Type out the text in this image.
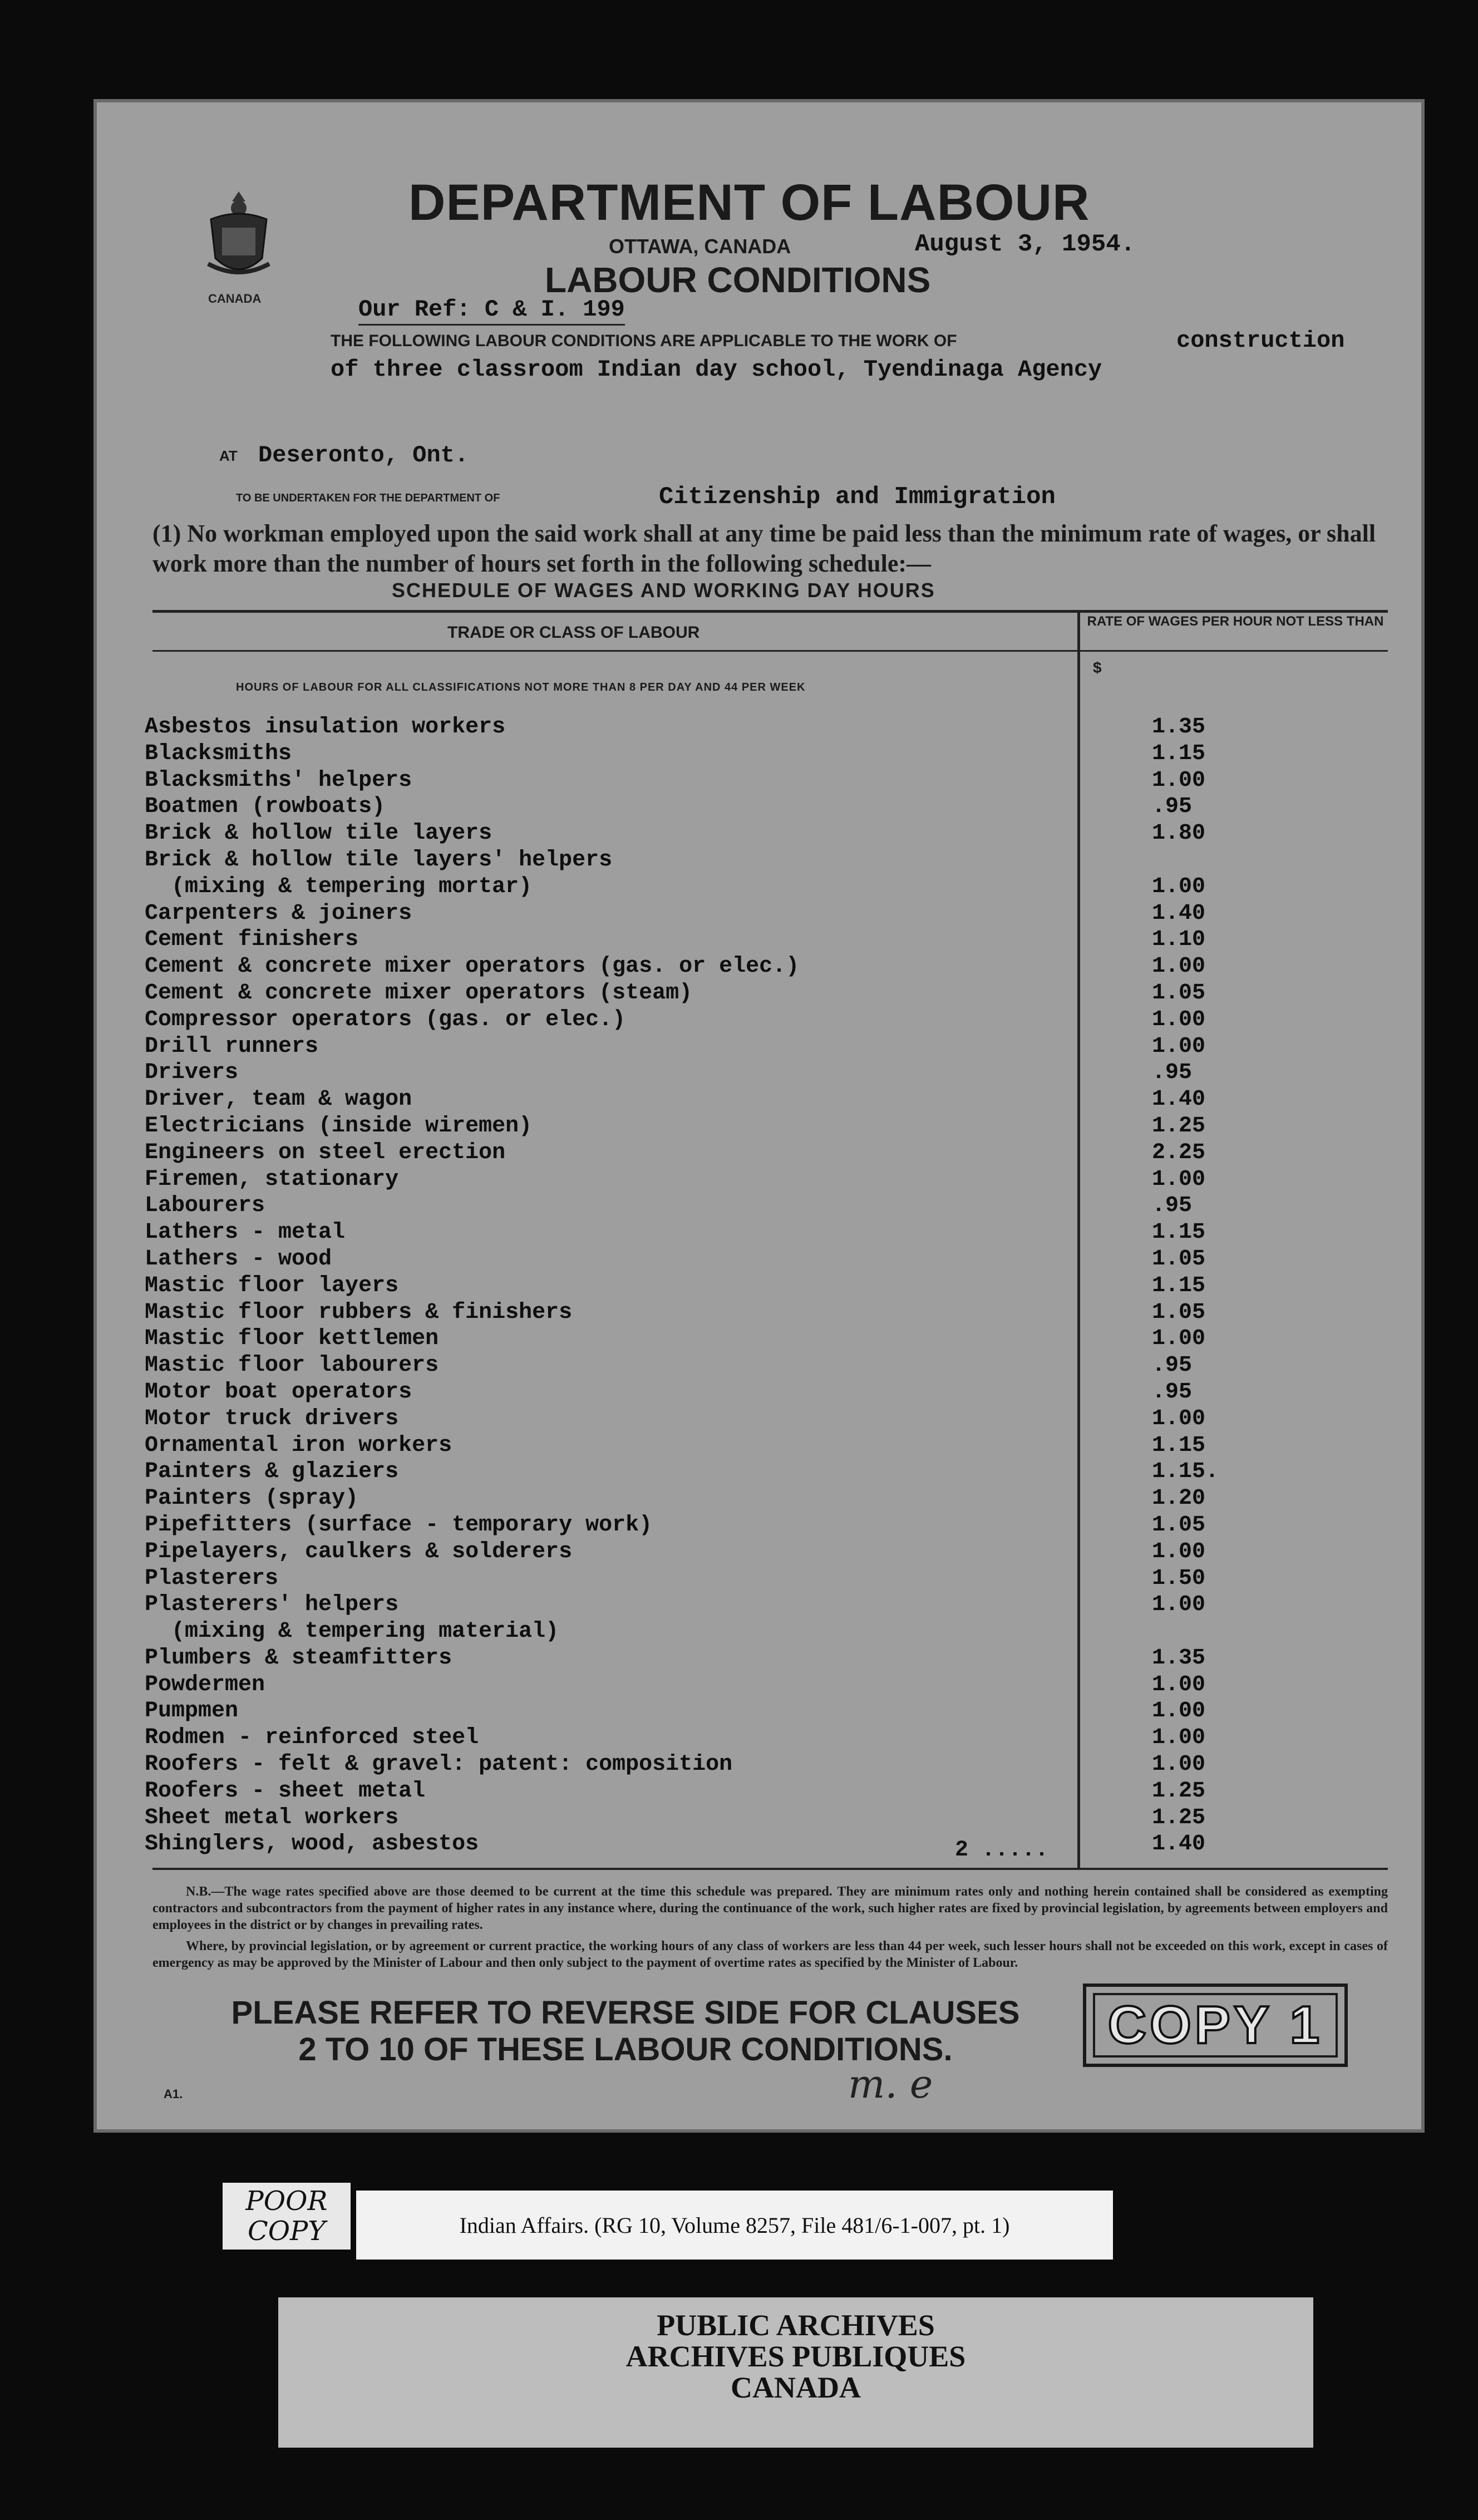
CANADA
DEPARTMENT OF LABOUR
OTTAWA, CANADA	August 3, 1954.
LABOUR CONDITIONS
Our Ref: C & I. 199
THE FOLLOWING LABOUR CONDITIONS ARE APPLICABLE TO THE WORK OF	construction
of three classroom Indian day school, Tyendinaga Agency
AT Deseronto, Ont.
TO BE UNDERTAKEN FOR THE DEPARTMENT OF	Citizenship and Immigration
(1) No workman employed upon the said work shall at any time be paid less than the minimum rate of wages, or shall work more than the number of hours set forth in the following schedule:—
SCHEDULE OF WAGES AND WORKING DAY HOURS
TRADE OR CLASS OF LABOUR
RATE OF WAGES PER HOUR NOT LESS THAN
$
HOURS OF LABOUR FOR ALL CLASSIFICATIONS NOT MORE THAN 8 PER DAY AND 44 PER WEEK
Asbestos insulation workers	1.35
Blacksmiths	1.15
Blacksmiths' helpers	1.00
Boatmen (rowboats)	.95
Brick & hollow tile layers	1.80
Brick & hollow tile layers' helpers
(mixing & tempering mortar)	1.00
Carpenters & joiners	1.40
Cement finishers	1.10
Cement & concrete mixer operators (gas. or elec.)	1.00
Cement & concrete mixer operators (steam)	1.05
Compressor operators (gas. or elec.)	1.00
Drill runners	1.00
Drivers	.95
Driver, team & wagon	1.40
Electricians (inside wiremen)	1.25
Engineers on steel erection	2.25
Firemen, stationary	1.00
Labourers	.95
Lathers - metal	1.15
Lathers - wood	1.05
Mastic floor layers	1.15
Mastic floor rubbers & finishers	1.05
Mastic floor kettlemen	1.00
Mastic floor labourers	.95
Motor boat operators	.95
Motor truck drivers	1.00
Ornamental iron workers	1.15
Painters & glaziers	1.15.
Painters (spray)	1.20
Pipefitters (surface - temporary work)	1.05
Pipelayers, caulkers & solderers	1.00
Plasterers	1.50
Plasterers' helpers	1.00
(mixing & tempering material)
Plumbers & steamfitters	1.35
Powdermen	1.00
Pumpmen	1.00
Rodmen - reinforced steel	1.00
Roofers - felt & gravel: patent: composition	1.00
Roofers - sheet metal	1.25
Sheet metal workers	1.25
Shinglers, wood, asbestos	1.40
2 .....

N.B.—The wage rates specified above are those deemed to be current at the time this schedule was prepared. They are minimum rates only and nothing herein contained shall be considered as exempting contractors and subcontractors from the payment of higher rates in any instance where, during the continuance of the work, such higher rates are fixed by provincial legislation, by agreements between employers and employees in the district or by changes in prevailing rates.

Where, by provincial legislation, or by agreement or current practice, the working hours of any class of workers are less than 44 per week, such lesser hours shall not be exceeded on this work, except in cases of emergency as may be approved by the Minister of Labour and then only subject to the payment of overtime rates as specified by the Minister of Labour.

PLEASE REFER TO REVERSE SIDE FOR CLAUSES
2 TO 10 OF THESE LABOUR CONDITIONS.	COPY 1
m. e
A1.
POOR
COPY	Indian Affairs. (RG 10, Volume 8257, File 481/6-1-007, pt. 1)
PUBLIC ARCHIVES
ARCHIVES PUBLIQUES
CANADA
